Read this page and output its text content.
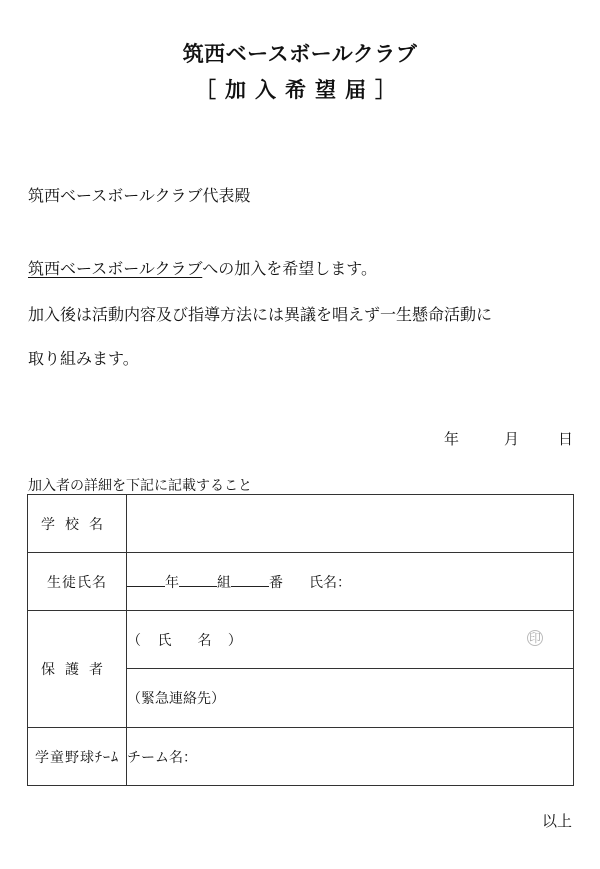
筑西ベースボールクラブ
［加入希望届］
筑西ベースボールクラブ代表殿
筑西ベースボールクラブへの加入を希望します。
加入後は活動内容及び指導方法には異議を唱えず一生懸命活動に
取り組みます。
年	月	日
加入者の詳細を下記に記載すること
学校名	
生徒氏名	年 組 番 氏名：
保護者	（ 氏　名 ） 印

	（緊急連絡先）
学童野球ﾁｰﾑ	チーム名：
以上
